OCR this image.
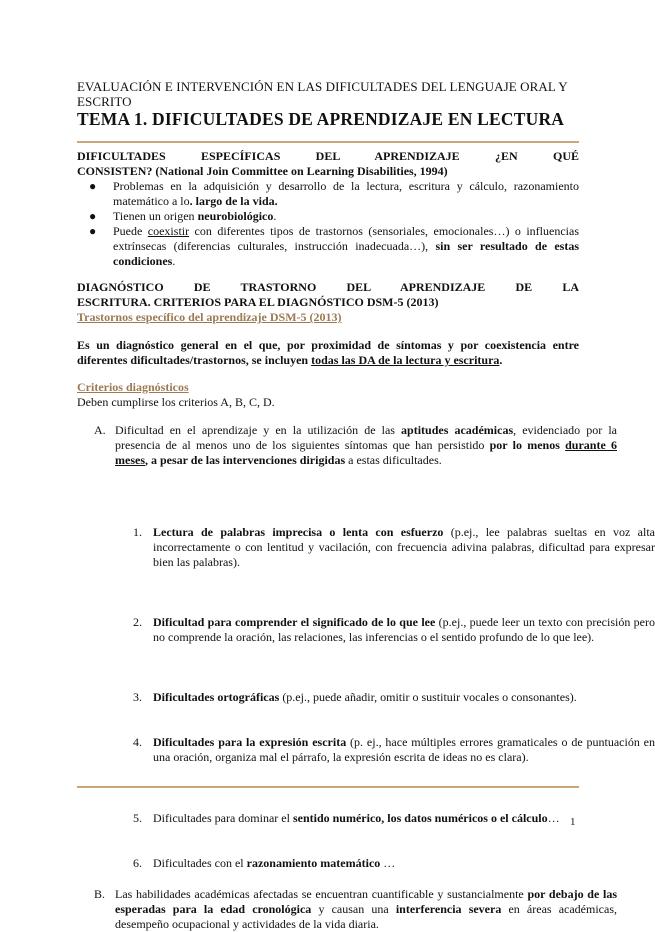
EVALUACIÓN E INTERVENCIÓN EN LAS DIFICULTADES DEL LENGUAJE ORAL Y ESCRITO
TEMA 1. DIFICULTADES DE APRENDIZAJE EN LECTURA
DIFICULTADES ESPECÍFICAS DEL APRENDIZAJE ¿EN QUÉ
CONSISTEN? (National Join Committee on Learning Disabilities, 1994)
● Problemas en la adquisición y desarrollo de la lectura, escritura y cálculo, razonamiento matemático a lo. largo de la vida.
● Tienen un origen neurobiológico.
● Puede coexistir con diferentes tipos de trastornos (sensoriales, emocionales…) o influencias extrínsecas (diferencias culturales, instrucción inadecuada…), sin ser resultado de estas condiciones.
DIAGNÓSTICO DE TRASTORNO DEL APRENDIZAJE DE LA
ESCRITURA. CRITERIOS PARA EL DIAGNÓSTICO DSM-5 (2013)
Trastornos específico del aprendizaje DSM-5 (2013)
Es un diagnóstico general en el que, por proximidad de síntomas y por coexistencia entre diferentes dificultades/trastornos, se incluyen todas las DA de la lectura y escritura.
Criterios diagnósticos
Deben cumplirse los criterios A, B, C, D.
A. Dificultad en el aprendizaje y en la utilización de las aptitudes académicas, evidenciado por la presencia de al menos uno de los siguientes síntomas que han persistido por lo menos durante 6 meses, a pesar de las intervenciones dirigidas a estas dificultades.
1. Lectura de palabras imprecisa o lenta con esfuerzo (p.ej., lee palabras sueltas en voz alta incorrectamente o con lentitud y vacilación, con frecuencia adivina palabras, dificultad para expresar bien las palabras).
2. Dificultad para comprender el significado de lo que lee (p.ej., puede leer un texto con precisión pero no comprende la oración, las relaciones, las inferencias o el sentido profundo de lo que lee).
3. Dificultades ortográficas (p.ej., puede añadir, omitir o sustituir vocales o consonantes).
4. Dificultades para la expresión escrita (p. ej., hace múltiples errores gramaticales o de puntuación en una oración, organiza mal el párrafo, la expresión escrita de ideas no es clara).
5. Dificultades para dominar el sentido numérico, los datos numéricos o el cálculo…
6. Dificultades con el razonamiento matemático …
B. Las habilidades académicas afectadas se encuentran cuantificable y sustancialmente por debajo de las esperadas para la edad cronológica y causan una interferencia severa en áreas académicas, desempeño ocupacional y actividades de la vida diaria.
1
